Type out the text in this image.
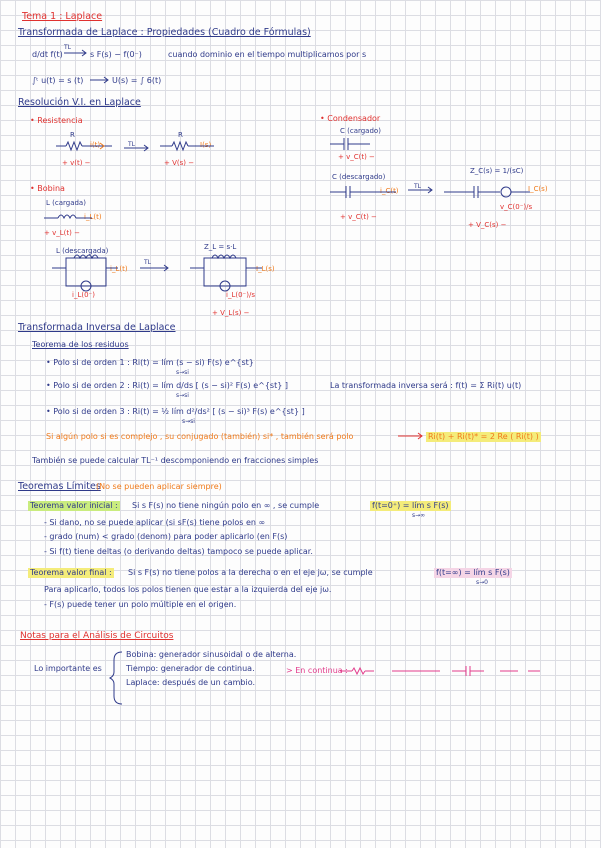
Tema 1 : Laplace
Transformada de Laplace : Propiedades (Cuadro de Fórmulas)
d/dt f(t)
TL
s F(s) − f(0⁻)	cuando dominio en el tiempo multiplicamos por s
∫ᵗ u(t) = s (t)	U(s) = ∫ 6(t)
Resolución V.I. en Laplace
• Resistencia
R
i(t)
+ v(t) −
TL
R
I(s)
+ V(s) −
• Condensador
C (cargado)
+ v_C(t) −
C (descargado)
i_C(t)
+ v_C(t) −
TL
Z_C(s) = 1/(sC)
I_C(s)
v_C(0⁻)/s
+ V_C(s) −
• Bobina
L (cargada)
i_L(t)
+ v_L(t) −
L (descargada)
i_L(t)
i_L(0⁻)
TL
Z_L = s·L
I_L(s)
i_L(0⁻)/s
+ V_L(s) −
Transformada Inversa de Laplace
Teorema de los residuos
• Polo si de orden 1 : Ri(t) = lím (s − si) F(s) e^{st}
s→si
• Polo si de orden 2 : Ri(t) = lím d/ds [ (s − si)² F(s) e^{st} ]
s→si
La transformada inversa será : f(t) = Σ Ri(t) u(t)
• Polo si de orden 3 : Ri(t) = ½ lím d²/ds² [ (s − si)³ F(s) e^{st} ]
s→si
Si algún polo si es complejo , su conjugado (también) si* , también será polo	Ri(t) + Ri(t)* = 2 Re ( Ri(t) )
También se puede calcular TL⁻¹ descomponiendo en fracciones simples
Teoremas Límites
(No se pueden aplicar siempre)
Teorema valor inicial : Si s F(s) no tiene ningún polo en ∞ , se cumple	f(t=0⁺) = lím s F(s)
s→∞
- Si dano, no se puede aplicar (si sF(s) tiene polos en ∞
- grado (num) < grado (denom) para poder aplicarlo (en F(s)
- Si f(t) tiene deltas (o derivando deltas) tampoco se puede aplicar.
Teorema valor final : Si s F(s) no tiene polos a la derecha o en el eje jω, se cumple	f(t=∞) = lím s F(s)
s→0
Para aplicarlo, todos los polos tienen que estar a la izquierda del eje jω.
- F(s) puede tener un polo múltiple en el origen.
Notas para el Análisis de Circuitos
Lo importante es
Bobina: generador sinusoidal o de alterna.
Tiempo: generador de continua.
Laplace: después de un cambio.
> En continua :
